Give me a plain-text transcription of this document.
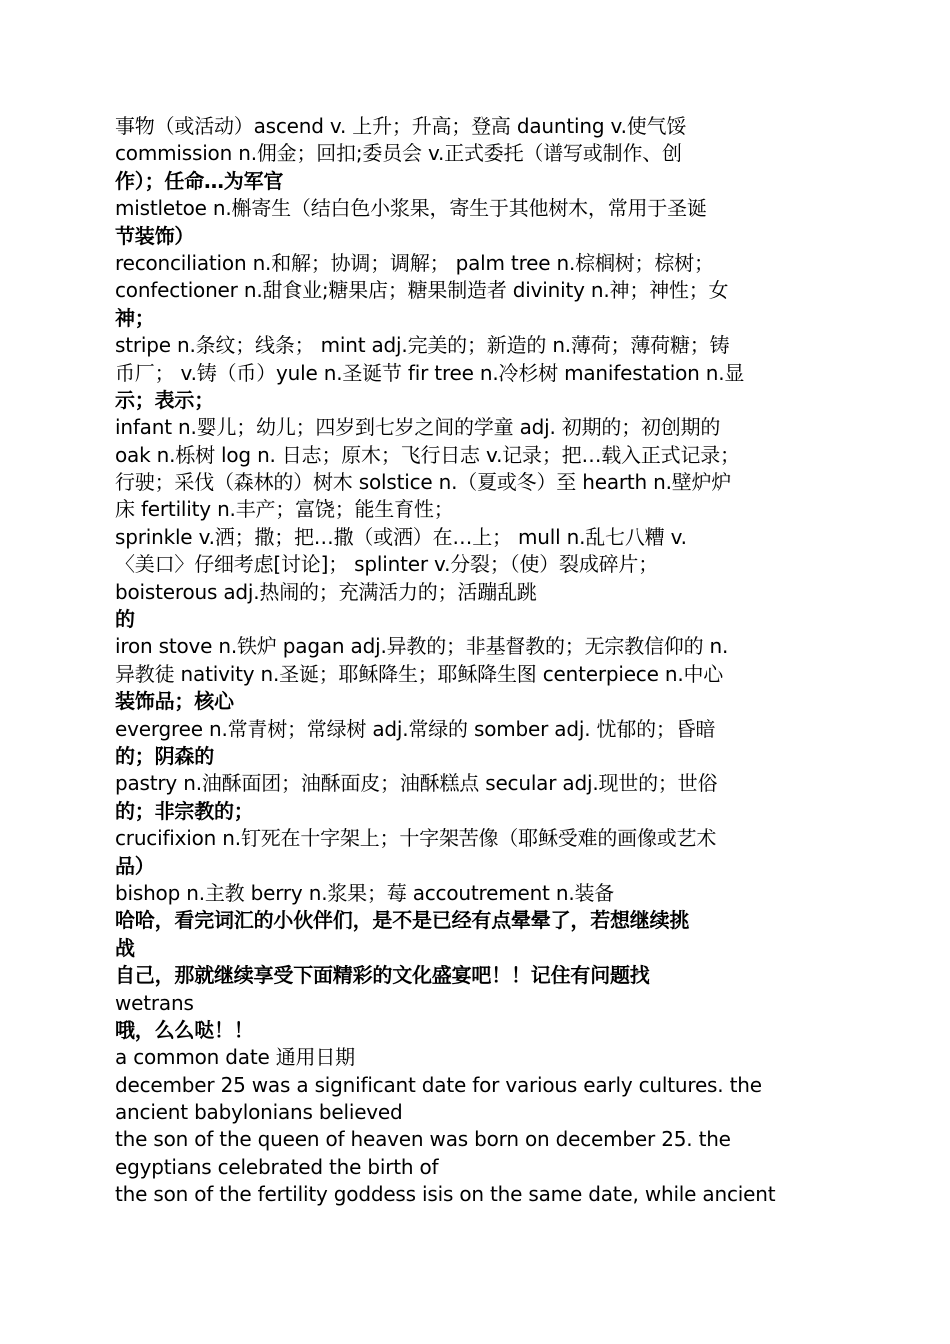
事物（或活动）ascend v. 上升；升高；登高 daunting v.使气馁
commission n.佣金；回扣;委员会 v.正式委托（谱写或制作、创
作）；任命…为军官
mistletoe n.槲寄生（结白色小浆果，寄生于其他树木，常用于圣诞
节装饰）
reconciliation n.和解；协调；调解； palm tree n.棕榈树；棕树；
confectioner n.甜食业;糖果店；糖果制造者 divinity n.神；神性；女
神；
stripe n.条纹；线条； mint adj.完美的；新造的 n.薄荷；薄荷糖；铸
币厂； v.铸（币）yule n.圣诞节 fir tree n.冷杉树 manifestation n.显
示；表示；
infant n.婴儿；幼儿；四岁到七岁之间的学童 adj. 初期的；初创期的
oak n.栎树 log n. 日志；原木；飞行日志 v.记录；把…载入正式记录；
行驶；采伐（森林的）树木 solstice n.（夏或冬）至 hearth n.壁炉炉
床 fertility n.丰产；富饶；能生育性；
sprinkle v.洒；撒；把…撒（或洒）在…上； mull n.乱七八糟 v.
〈美口〉仔细考虑[讨论]； splinter v.分裂；（使）裂成碎片；
boisterous adj.热闹的；充满活力的；活蹦乱跳
的
iron stove n.铁炉 pagan adj.异教的；非基督教的；无宗教信仰的 n.
异教徒 nativity n.圣诞；耶稣降生；耶稣降生图 centerpiece n.中心
装饰品；核心
evergree n.常青树；常绿树 adj.常绿的 somber adj. 忧郁的；昏暗
的；阴森的
pastry n.油酥面团；油酥面皮；油酥糕点 secular adj.现世的；世俗
的；非宗教的；
crucifixion n.钉死在十字架上；十字架苦像（耶稣受难的画像或艺术
品）
bishop n.主教 berry n.浆果；莓 accoutrement n.装备
哈哈，看完词汇的小伙伴们，是不是已经有点晕晕了，若想继续挑
战
自己，那就继续享受下面精彩的文化盛宴吧！！记住有问题找
wetrans
哦，么么哒！！
a common date 通用日期
december 25 was a significant date for various early cultures. the
ancient babylonians believed
the son of the queen of heaven was born on december 25. the
egyptians celebrated the birth of
the son of the fertility goddess isis on the same date, while ancient
